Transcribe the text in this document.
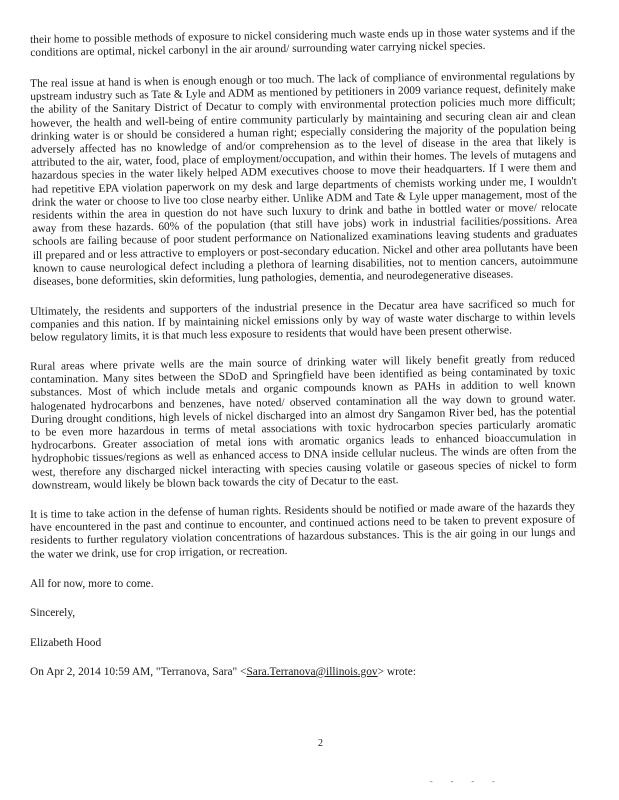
their home to possible methods of exposure to nickel considering much waste ends up in those water systems and if the conditions are optimal, nickel carbonyl in the air around/ surrounding water carrying nickel species.

The real issue at hand is when is enough enough or too much. The lack of compliance of environmental regulations by upstream industry such as Tate & Lyle and ADM as mentioned by petitioners in 2009 variance request, definitely make the ability of the Sanitary District of Decatur to comply with environmental protection policies much more difficult; however, the health and well-being of entire community particularly by maintaining and securing clean air and clean drinking water is or should be considered a human right; especially considering the majority of the population being adversely affected has no knowledge of and/or comprehension as to the level of disease in the area that likely is attributed to the air, water, food, place of employment/occupation, and within their homes. The levels of mutagens and hazardous species in the water likely helped ADM executives choose to move their headquarters. If I were them and had repetitive EPA violation paperwork on my desk and large departments of chemists working under me, I wouldn't drink the water or choose to live too close nearby either. Unlike ADM and Tate & Lyle upper management, most of the residents within the area in question do not have such luxury to drink and bathe in bottled water or move/ relocate away from these hazards. 60% of the population (that still have jobs) work in industrial facilities/possitions. Area schools are failing because of poor student performance on Nationalized examinations leaving students and graduates ill prepared and or less attractive to employers or post-secondary education. Nickel and other area pollutants have been known to cause neurological defect including a plethora of learning disabilities, not to mention cancers, autoimmune diseases, bone deformities, skin deformities, lung pathologies, dementia, and neurodegenerative diseases.

Ultimately, the residents and supporters of the industrial presence in the Decatur area have sacrificed so much for companies and this nation. If by maintaining nickel emissions only by way of waste water discharge to within levels below regulatory limits, it is that much less exposure to residents that would have been present otherwise.

Rural areas where private wells are the main source of drinking water will likely benefit greatly from reduced contamination. Many sites between the SDoD and Springfield have been identified as being contaminated by toxic substances. Most of which include metals and organic compounds known as PAHs in addition to well known halogenated hydrocarbons and benzenes, have noted/ observed contamination all the way down to ground water. During drought conditions, high levels of nickel discharged into an almost dry Sangamon River bed, has the potential to be even more hazardous in terms of metal associations with toxic hydrocarbon species particularly aromatic hydrocarbons. Greater association of metal ions with aromatic organics leads to enhanced bioaccumulation in hydrophobic tissues/regions as well as enhanced access to DNA inside cellular nucleus. The winds are often from the west, therefore any discharged nickel interacting with species causing volatile or gaseous species of nickel to form downstream, would likely be blown back towards the city of Decatur to the east.

It is time to take action in the defense of human rights. Residents should be notified or made aware of the hazards they have encountered in the past and continue to encounter, and continued actions need to be taken to prevent exposure of residents to further regulatory violation concentrations of hazardous substances. This is the air going in our lungs and the water we drink, use for crop irrigation, or recreation.

All for now, more to come.

Sincerely,

Elizabeth Hood

On Apr 2, 2014 10:59 AM, "Terranova, Sara" <Sara.Terranova@illinois.gov> wrote:

2
- - - -
